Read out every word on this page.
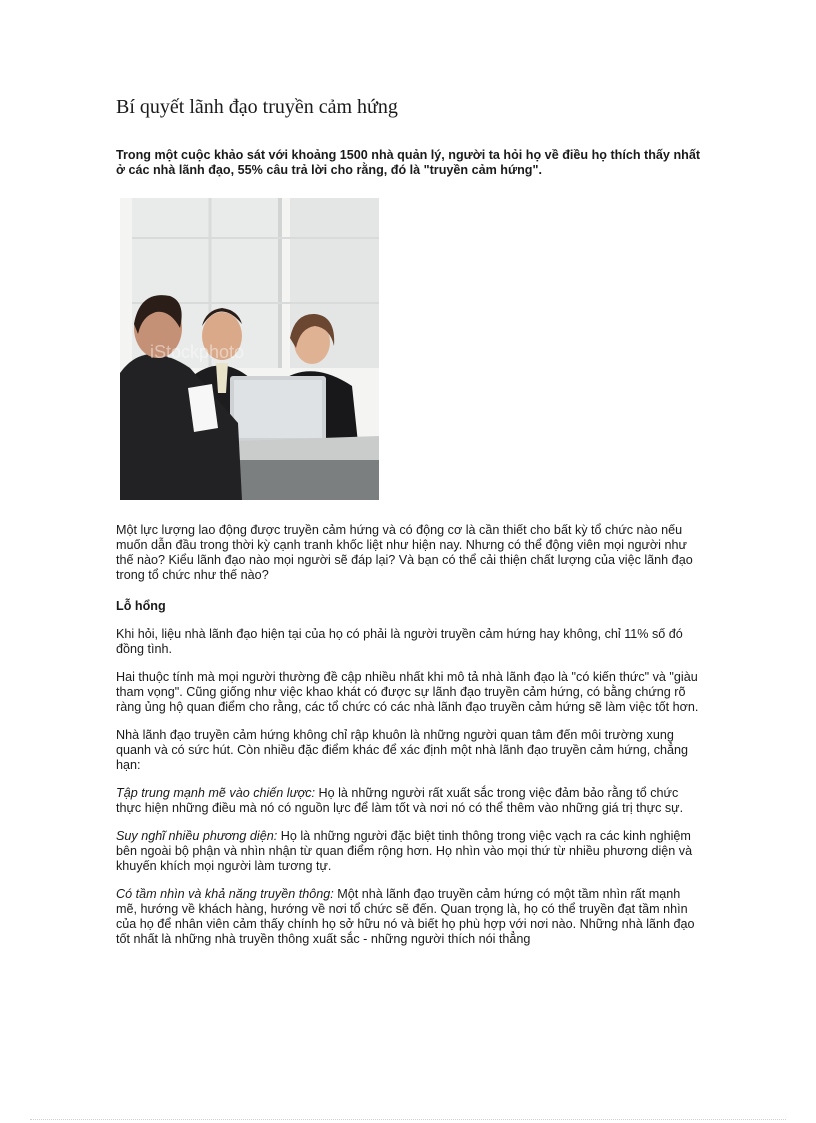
Bí quyết lãnh đạo truyền cảm hứng

Trong một cuộc khảo sát với khoảng 1500 nhà quản lý, người ta hỏi họ về điều họ thích thấy nhất ở các nhà lãnh đạo, 55% câu trả lời cho rằng, đó là "truyền cảm hứng".

iStockphoto

Một lực lượng lao động được truyền cảm hứng và có động cơ là cần thiết cho bất kỳ tổ chức nào nếu muốn dẫn đầu trong thời kỳ cạnh tranh khốc liệt như hiện nay. Nhưng có thể động viên mọi người như thế nào? Kiểu lãnh đạo nào mọi người sẽ đáp lại? Và bạn có thể cải thiện chất lượng của việc lãnh đạo trong tổ chức như thế nào?

Lỗ hổng

Khi hỏi, liệu nhà lãnh đạo hiện tại của họ có phải là người truyền cảm hứng hay không, chỉ 11% số đó đồng tình.

Hai thuộc tính mà mọi người thường đề cập nhiều nhất khi mô tả nhà lãnh đạo là "có kiến thức" và "giàu tham vọng". Cũng giống như việc khao khát có được sự lãnh đạo truyền cảm hứng, có bằng chứng rõ ràng ủng hộ quan điểm cho rằng, các tổ chức có các nhà lãnh đạo truyền cảm hứng sẽ làm việc tốt hơn.

Nhà lãnh đạo truyền cảm hứng không chỉ rập khuôn là những người quan tâm đến môi trường xung quanh và có sức hút. Còn nhiều đặc điểm khác để xác định một nhà lãnh đạo truyền cảm hứng, chẳng hạn:

Tập trung mạnh mẽ vào chiến lược: Họ là những người rất xuất sắc trong việc đảm bảo rằng tổ chức thực hiện những điều mà nó có nguồn lực để làm tốt và nơi nó có thể thêm vào những giá trị thực sự.

Suy nghĩ nhiều phương diện: Họ là những người đặc biệt tinh thông trong việc vạch ra các kinh nghiệm bên ngoài bộ phận và nhìn nhận từ quan điểm rộng hơn. Họ nhìn vào mọi thứ từ nhiều phương diện và khuyến khích mọi người làm tương tự.

Có tầm nhìn và khả năng truyền thông: Một nhà lãnh đạo truyền cảm hứng có một tầm nhìn rất mạnh mẽ, hướng về khách hàng, hướng về nơi tổ chức sẽ đến. Quan trọng là, họ có thể truyền đạt tầm nhìn của họ để nhân viên cảm thấy chính họ sở hữu nó và biết họ phù hợp với nơi nào. Những nhà lãnh đạo tốt nhất là những nhà truyền thông xuất sắc - những người thích nói thẳng
